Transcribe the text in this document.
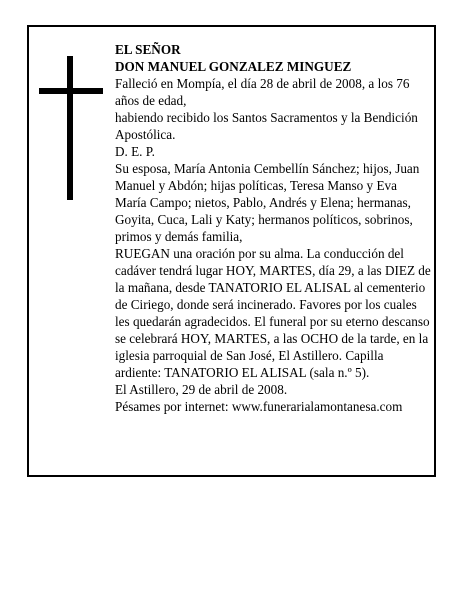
EL SEÑOR

DON MANUEL GONZALEZ MINGUEZ

Falleció en Mompía, el día 28 de abril de 2008, a los 76 años de edad,

habiendo recibido los Santos Sacramentos y la Bendición Apostólica.

D. E. P.

Su esposa, María Antonia Cembellín Sánchez; hijos, Juan Manuel y Abdón; hijas políticas, Teresa Manso y Eva María Campo; nietos, Pablo, Andrés y Elena; hermanas, Goyita, Cuca, Lali y Katy; hermanos políticos, sobrinos, primos y demás familia,

RUEGAN una oración por su alma. La conducción del cadáver tendrá lugar HOY, MARTES, día 29, a las DIEZ de la mañana, desde TANATORIO EL ALISAL al cementerio de Ciriego, donde será incinerado. Favores por los cuales les quedarán agradecidos. El funeral por su eterno descanso se celebrará HOY, MARTES, a las OCHO de la tarde, en la iglesia parroquial de San José, El Astillero. Capilla ardiente: TANATORIO EL ALISAL (sala n.º 5).

El Astillero, 29 de abril de 2008.

Pésames por internet: www.funerarialamontanesa.com
